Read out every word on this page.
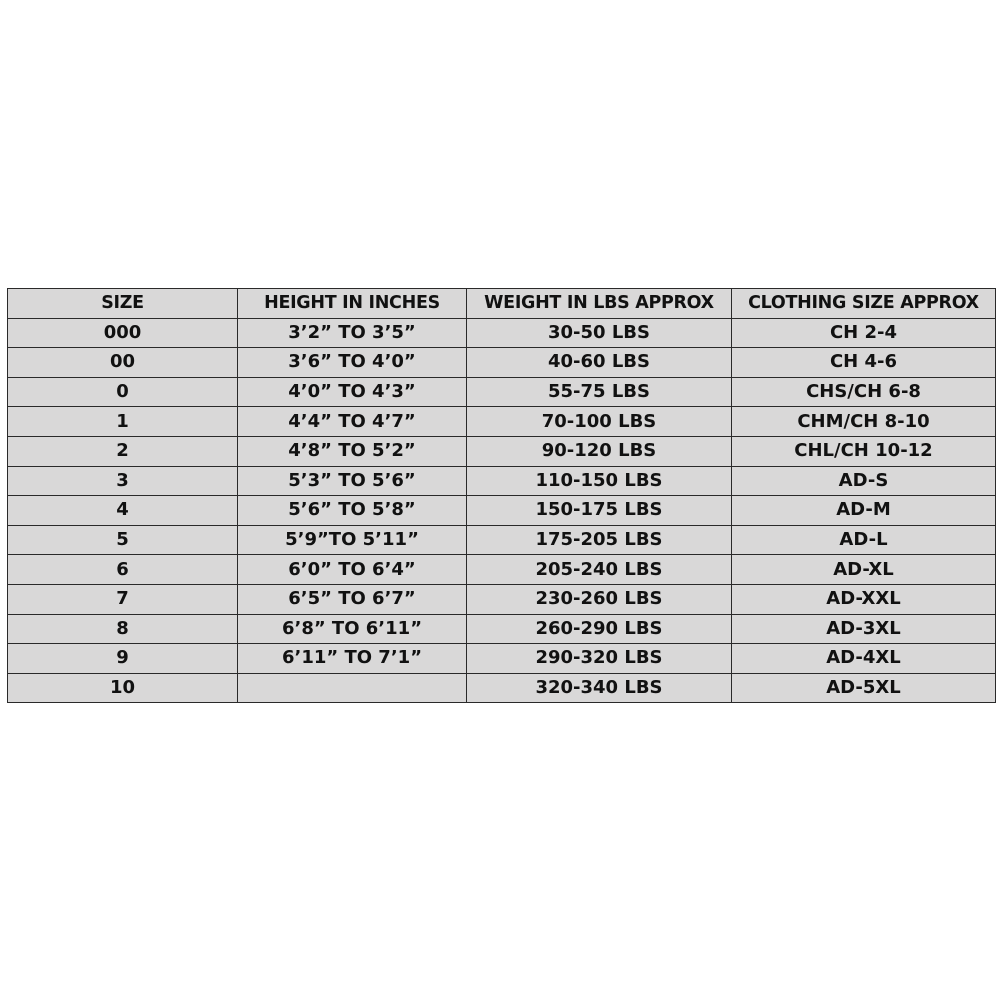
SIZE	HEIGHT IN INCHES	WEIGHT IN LBS APPROX	CLOTHING SIZE APPROX
000	3’2” TO 3’5”	30-50 LBS	CH 2-4
00	3’6” TO 4’0”	40-60 LBS	CH 4-6
0	4’0” TO 4’3”	55-75 LBS	CHS/CH 6-8
1	4’4” TO 4’7”	70-100 LBS	CHM/CH 8-10
2	4’8” TO 5’2”	90-120 LBS	CHL/CH 10-12
3	5’3” TO 5’6”	110-150 LBS	AD-S
4	5’6” TO 5’8”	150-175 LBS	AD-M
5	5’9”TO 5’11”	175-205 LBS	AD-L
6	6’0” TO 6’4”	205-240 LBS	AD-XL
7	6’5” TO 6’7”	230-260 LBS	AD-XXL
8	6’8” TO 6’11”	260-290 LBS	AD-3XL
9	6’11” TO 7’1”	290-320 LBS	AD-4XL
10		320-340 LBS	AD-5XL
